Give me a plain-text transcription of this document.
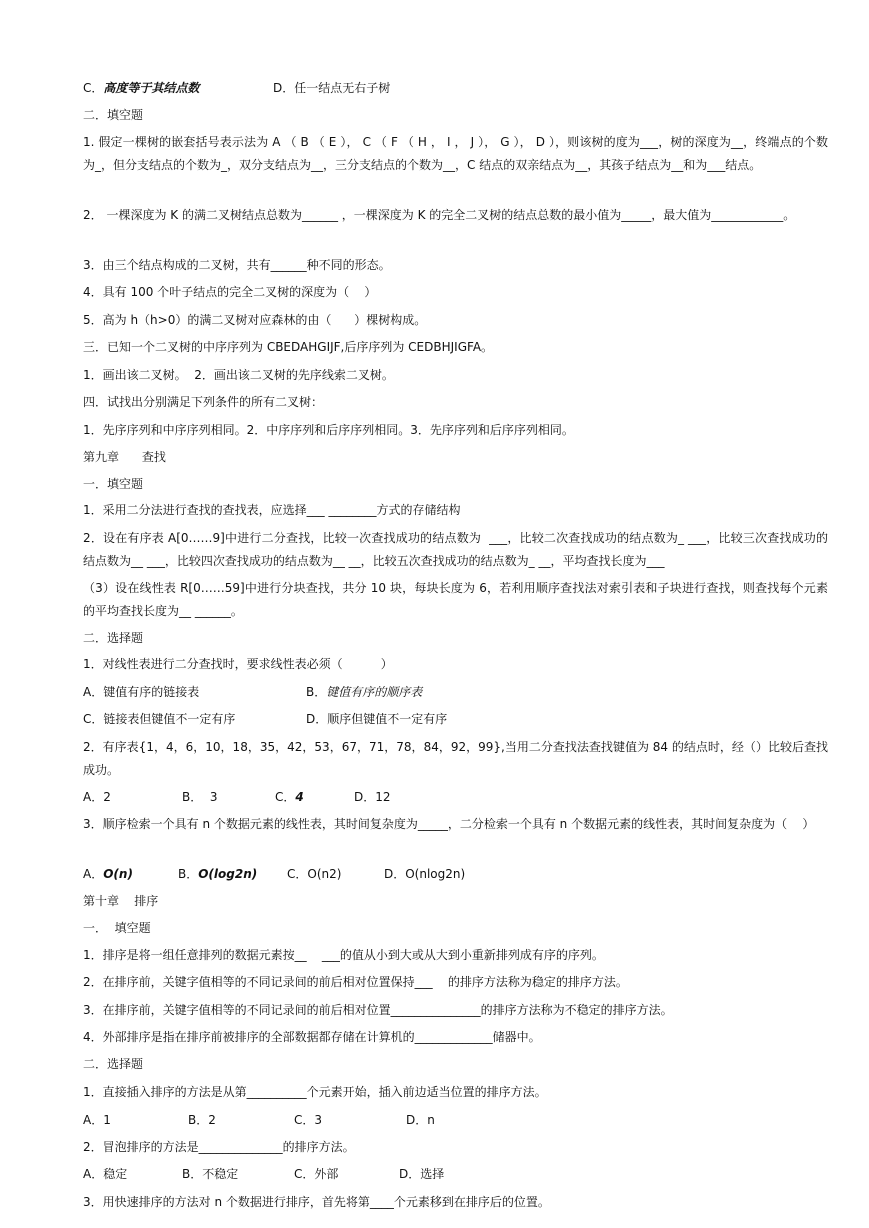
C．高度等于其结点数	D．任一结点无右子树
二．填空题
1. 假定一棵树的嵌套括号表示法为 A （ B （ E ）， C （ F （ H ， I ， J ）， G ）， D ），则该树的度为___，树的深度为__，终端点的个数为_，但分支结点的个数为_，双分支结点为__，三分支结点的个数为__，C 结点的双亲结点为__，其孩子结点为__和为___结点。
2． 一棵深度为 K 的满二叉树结点总数为______ ，一棵深度为 K 的完全二叉树的结点总数的最小值为_____，最大值为____________。
3．由三个结点构成的二叉树，共有______种不同的形态。
4．具有 100 个叶子结点的完全二叉树的深度为（    ）
5．高为 h（h>0）的满二叉树对应森林的由（      ）棵树构成。
三．已知一个二叉树的中序序列为 CBEDAHGIJF,后序序列为 CEDBHJIGFA。
1．画出该二叉树。  2．画出该二叉树的先序线索二叉树。
四．试找出分别满足下列条件的所有二叉树：
1．先序序列和中序序列相同。2．中序序列和后序序列相同。3．先序序列和后序序列相同。
第九章      查找
一．填空题
1．采用二分法进行查找的查找表，应选择___ ________方式的存储结构
2．设在有序表 A[0……9]中进行二分查找，比较一次查找成功的结点数为  ___，比较二次查找成功的结点数为_ ___，比较三次查找成功的结点数为__ ___，比较四次查找成功的结点数为__ __，比较五次查找成功的结点数为_ __，平均查找长度为___
（3）设在线性表 R[0……59]中进行分块查找，共分 10 块，每块长度为 6，若利用顺序查找法对索引表和子块进行查找，则查找每个元素的平均查找长度为__ ______。
二．选择题
1．对线性表进行二分查找时，要求线性表必须（          ）
A．键值有序的链接表	B．键值有序的顺序表
C．链接表但键值不一定有序	D．顺序但键值不一定有序
2．有序表{1，4，6，10，18，35，42，53，67，71，78，84，92，99},当用二分查找法查找键值为 84 的结点时，经（）比较后查找成功。
A．2	B．  3	C．4	D．12
3．顺序检索一个具有 n 个数据元素的线性表，其时间复杂度为_____，二分检索一个具有 n 个数据元素的线性表，其时间复杂度为（    ）
A．O(n)	B．O(log2n) C．O(n2)	D．O(nlog2n)
第十章    排序
一．  填空题
1．排序是将一组任意排列的数据元素按__    ___的值从小到大或从大到小重新排列成有序的序列。
2．在排序前，关键字值相等的不同记录间的前后相对位置保持___    的排序方法称为稳定的排序方法。
3．在排序前，关键字值相等的不同记录间的前后相对位置_______________的排序方法称为不稳定的排序方法。
4．外部排序是指在排序前被排序的全部数据都存储在计算机的_____________储器中。
二．选择题
1．直接插入排序的方法是从第__________个元素开始，插入前边适当位置的排序方法。
A．1	B．2	C．3	D．n
2．冒泡排序的方法是______________的排序方法。
A．稳定	B．不稳定	C．外部	D．选择
3．用快速排序的方法对 n 个数据进行排序，首先将第____个元素移到在排序后的位置。
